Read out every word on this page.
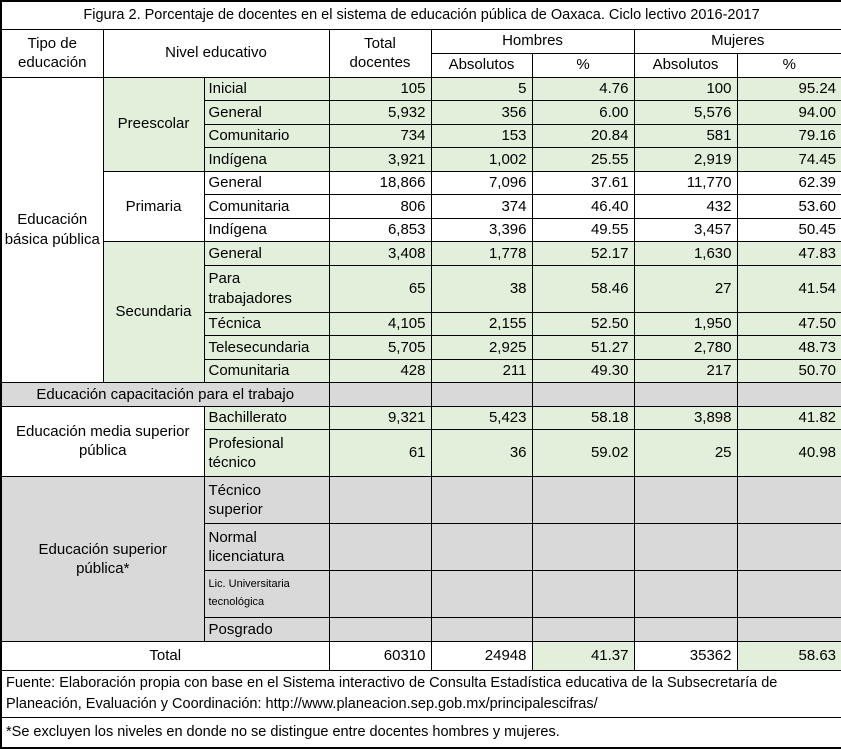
Figura 2. Porcentaje de docentes en el sistema de educación pública de Oaxaca. Ciclo lectivo 2016-2017							
Tipo de educación	Nivel educativo		Total docentes	Hombres		Mujeres	
				Absolutos	%	Absolutos	%
Educación básica pública	Preescolar	Inicial	105	5	4.76	100	95.24
		General	5,932	356	6.00	5,576	94.00
		Comunitario	734	153	20.84	581	79.16
		Indígena	3,921	1,002	25.55	2,919	74.45
	Primaria	General	18,866	7,096	37.61	11,770	62.39
		Comunitaria	806	374	46.40	432	53.60
		Indígena	6,853	3,396	49.55	3,457	50.45
	Secundaria	General	3,408	1,778	52.17	1,630	47.83
		Para trabajadores	65	38	58.46	27	41.54
		Técnica	4,105	2,155	52.50	1,950	47.50
		Telesecundaria	5,705	2,925	51.27	2,780	48.73
		Comunitaria	428	211	49.30	217	50.70
Educación capacitación para el trabajo							
Educación media superior pública		Bachillerato	9,321	5,423	58.18	3,898	41.82
		Profesional técnico	61	36	59.02	25	40.98
Educación superior pública*		Técnico superior					
		Normal licenciatura					
		Lic. Universitaria tecnológica					
		Posgrado					
Total			60310	24948	41.37	35362	58.63
Fuente: Elaboración propia con base en el Sistema interactivo de Consulta Estadística educativa de la Subsecretaría de Planeación, Evaluación y Coordinación: http://www.planeacion.sep.gob.mx/principalescifras/							
*Se excluyen los niveles en donde no se distingue entre docentes hombres y mujeres.							
